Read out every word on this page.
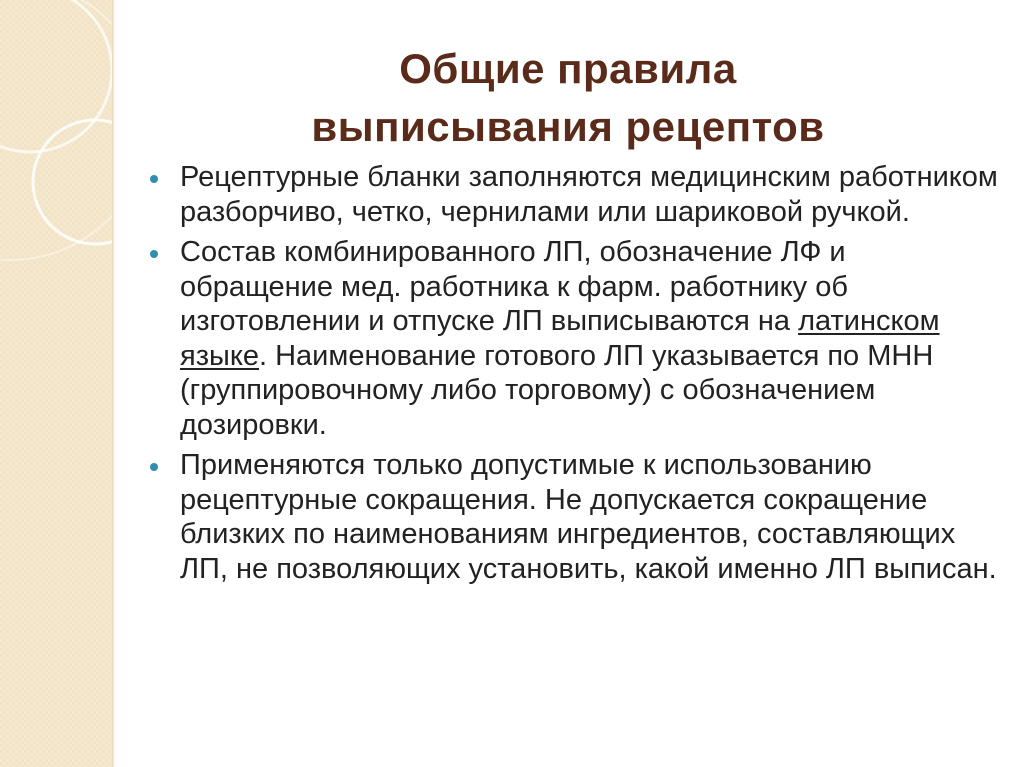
Общие правила
выписывания рецептов
Рецептурные бланки заполняются медицинским работником разборчиво, четко, чернилами или шариковой ручкой.
Состав комбинированного ЛП, обозначение ЛФ и обращение мед. работника к фарм. работнику об изготовлении и отпуске ЛП выписываются на латинском языке. Наименование готового ЛП указывается по МНН (группировочному либо торговому) с обозначением дозировки.
Применяются только допустимые к использованию рецептурные сокращения. Не допускается сокращение близких по наименованиям ингредиентов, составляющих ЛП, не позволяющих установить, какой именно ЛП выписан.
